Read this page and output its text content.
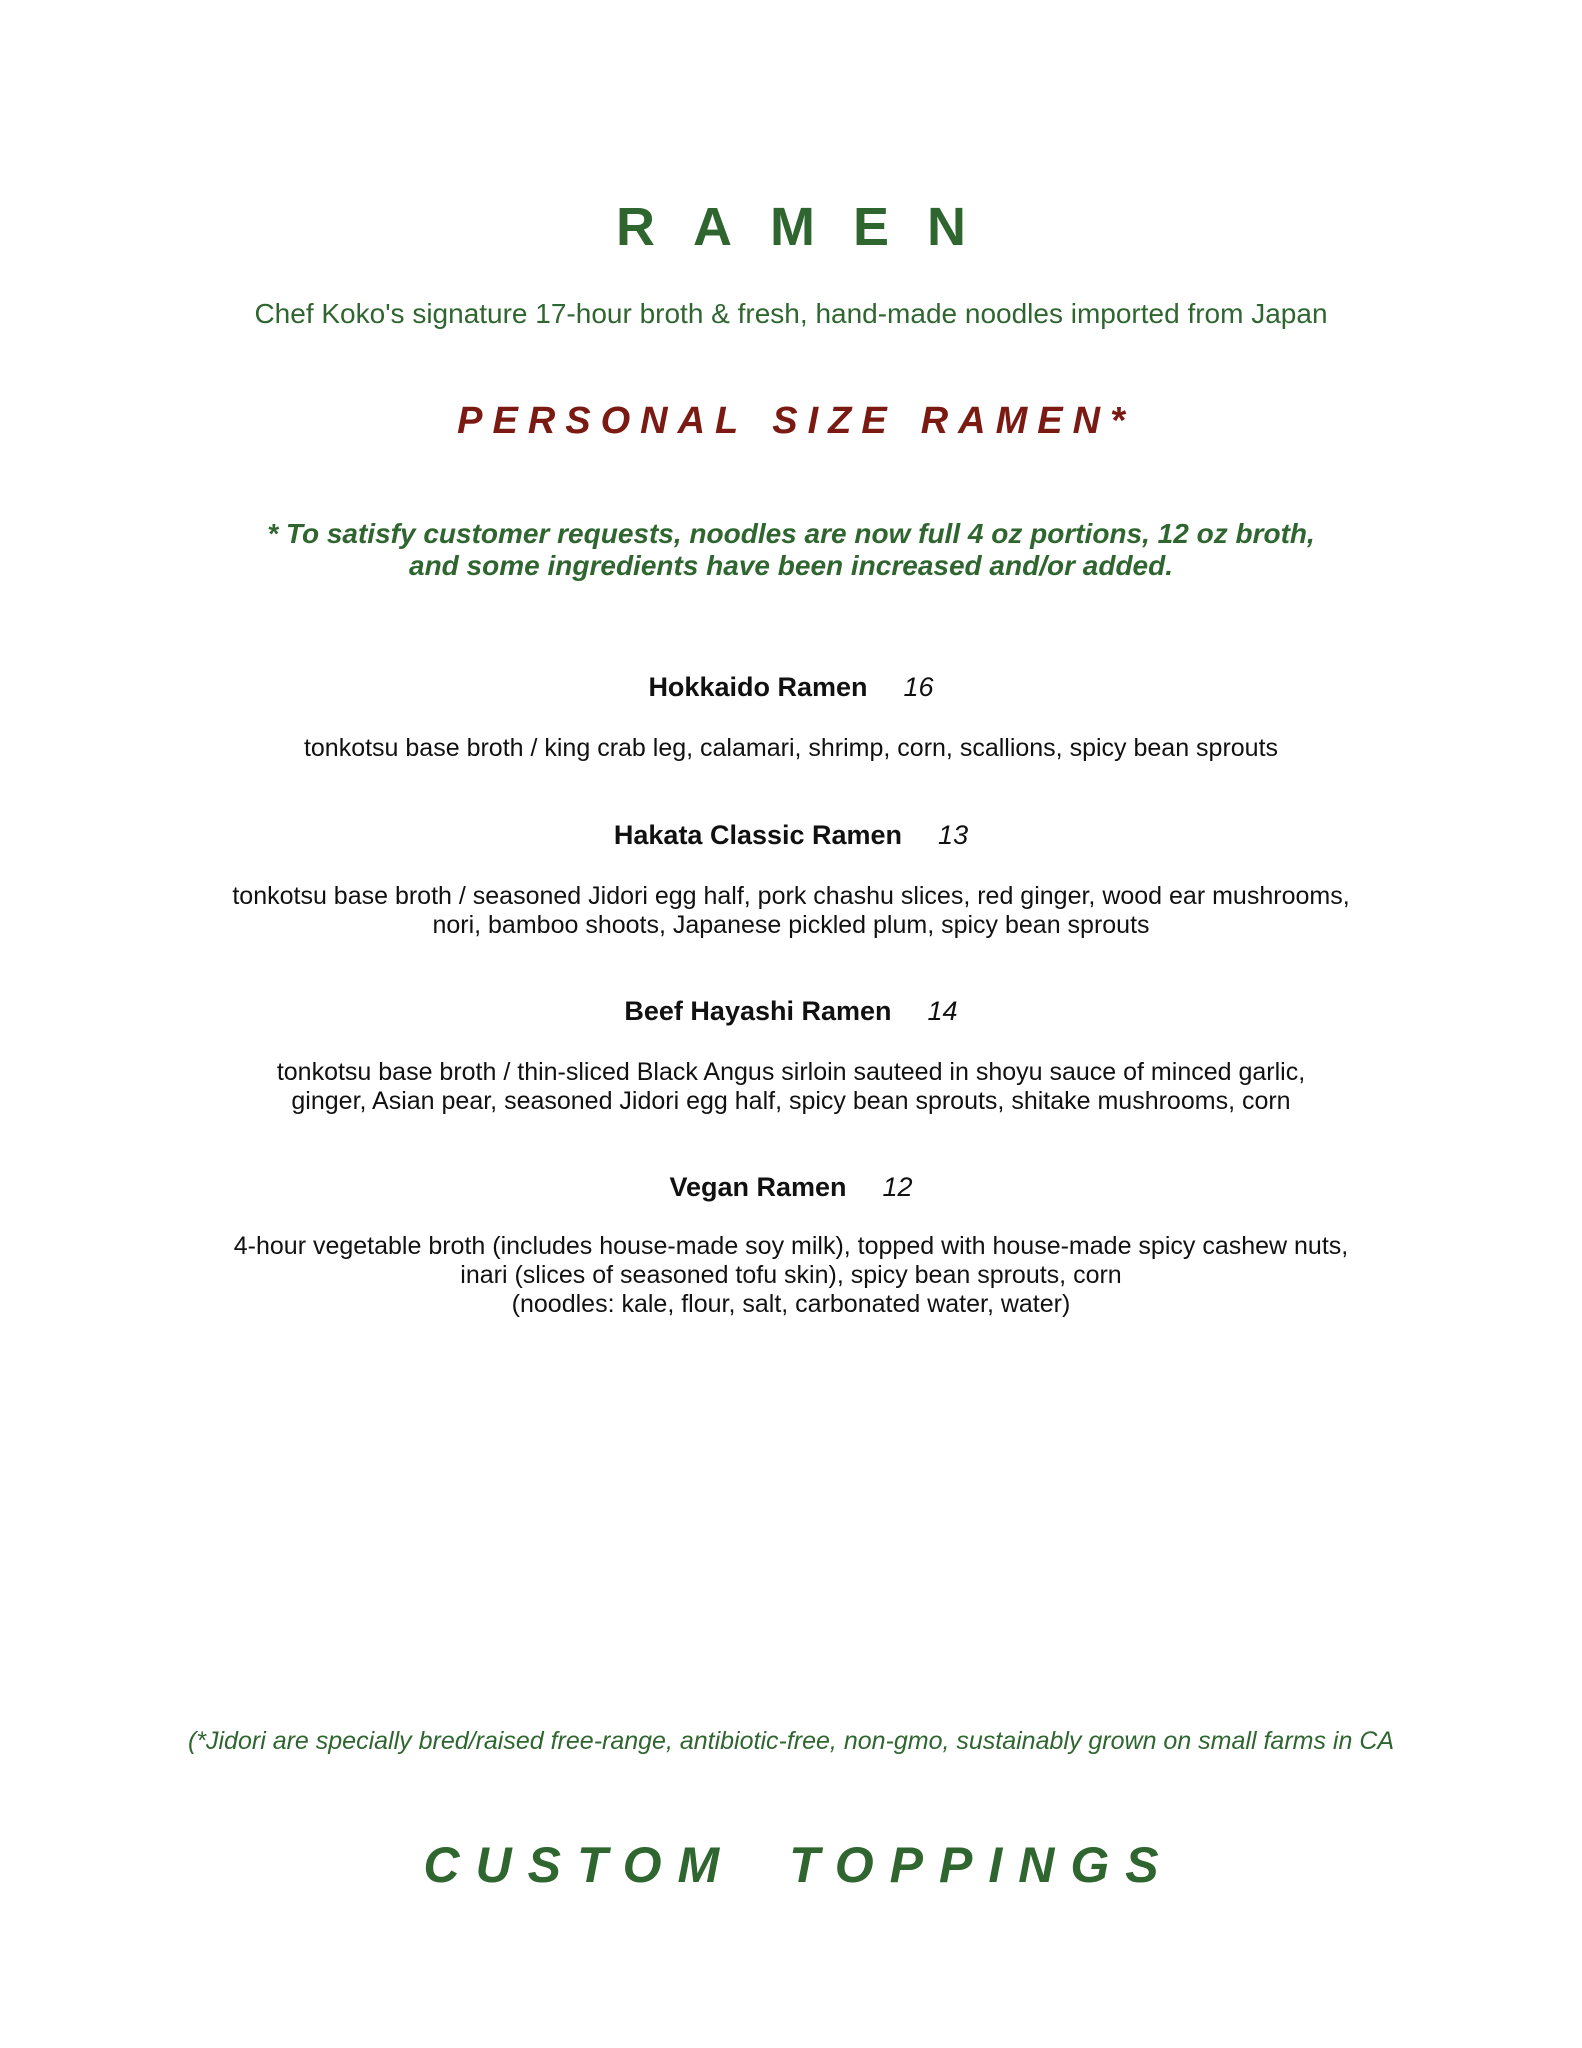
RAMEN
Chef Koko's signature 17-hour broth & fresh, hand-made noodles imported from Japan
PERSONAL SIZE RAMEN*
* To satisfy customer requests, noodles are now full 4 oz portions, 12 oz broth,
and some ingredients have been increased and/or added.
Hokkaido Ramen 16
tonkotsu base broth / king crab leg, calamari, shrimp, corn, scallions, spicy bean sprouts
Hakata Classic Ramen 13
tonkotsu base broth / seasoned Jidori egg half, pork chashu slices, red ginger, wood ear mushrooms,
nori, bamboo shoots, Japanese pickled plum, spicy bean sprouts
Beef Hayashi Ramen 14
tonkotsu base broth / thin-sliced Black Angus sirloin sauteed in shoyu sauce of minced garlic,
ginger, Asian pear, seasoned Jidori egg half, spicy bean sprouts, shitake mushrooms, corn
Vegan Ramen 12
4-hour vegetable broth (includes house-made soy milk), topped with house-made spicy cashew nuts,
inari (slices of seasoned tofu skin), spicy bean sprouts, corn
(noodles: kale, flour, salt, carbonated water, water)
(*Jidori are specially bred/raised free-range, antibiotic-free, non-gmo, sustainably grown on small farms in CA
CUSTOM TOPPINGS
